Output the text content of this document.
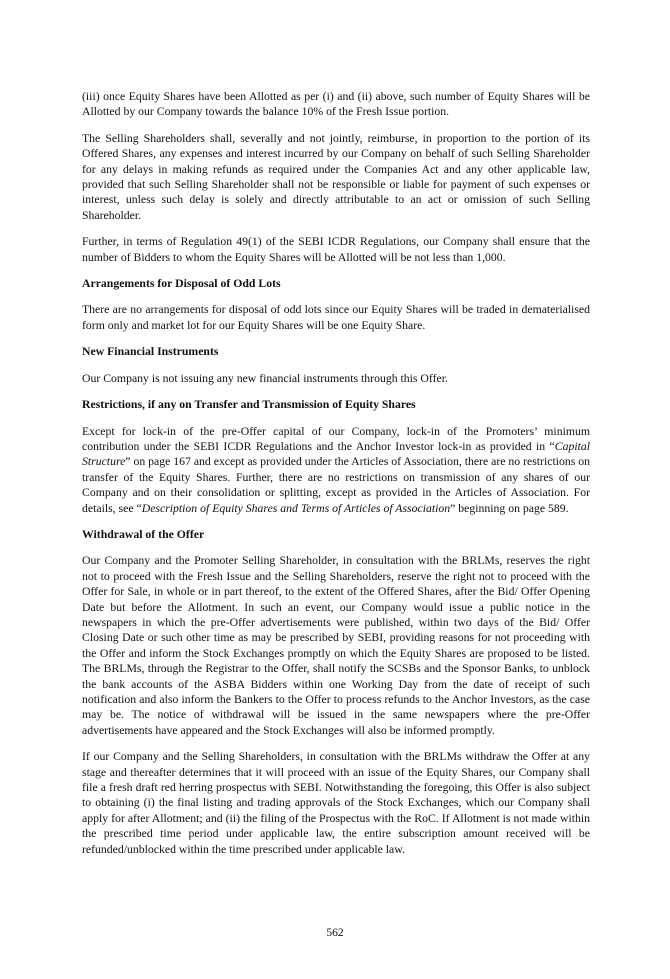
(iii) once Equity Shares have been Allotted as per (i) and (ii) above, such number of Equity Shares will be Allotted by our Company towards the balance 10% of the Fresh Issue portion.

The Selling Shareholders shall, severally and not jointly, reimburse, in proportion to the portion of its Offered Shares, any expenses and interest incurred by our Company on behalf of such Selling Shareholder for any delays in making refunds as required under the Companies Act and any other applicable law, provided that such Selling Shareholder shall not be responsible or liable for payment of such expenses or interest, unless such delay is solely and directly attributable to an act or omission of such Selling Shareholder.

Further, in terms of Regulation 49(1) of the SEBI ICDR Regulations, our Company shall ensure that the number of Bidders to whom the Equity Shares will be Allotted will be not less than 1,000.

Arrangements for Disposal of Odd Lots

There are no arrangements for disposal of odd lots since our Equity Shares will be traded in dematerialised form only and market lot for our Equity Shares will be one Equity Share.

New Financial Instruments

Our Company is not issuing any new financial instruments through this Offer.

Restrictions, if any on Transfer and Transmission of Equity Shares

Except for lock-in of the pre-Offer capital of our Company, lock-in of the Promoters’ minimum contribution under the SEBI ICDR Regulations and the Anchor Investor lock-in as provided in “Capital Structure” on page 167 and except as provided under the Articles of Association, there are no restrictions on transfer of the Equity Shares. Further, there are no restrictions on transmission of any shares of our Company and on their consolidation or splitting, except as provided in the Articles of Association. For details, see “Description of Equity Shares and Terms of Articles of Association” beginning on page 589.

Withdrawal of the Offer

Our Company and the Promoter Selling Shareholder, in consultation with the BRLMs, reserves the right not to proceed with the Fresh Issue and the Selling Shareholders, reserve the right not to proceed with the Offer for Sale, in whole or in part thereof, to the extent of the Offered Shares, after the Bid/ Offer Opening Date but before the Allotment. In such an event, our Company would issue a public notice in the newspapers in which the pre-Offer advertisements were published, within two days of the Bid/ Offer Closing Date or such other time as may be prescribed by SEBI, providing reasons for not proceeding with the Offer and inform the Stock Exchanges promptly on which the Equity Shares are proposed to be listed. The BRLMs, through the Registrar to the Offer, shall notify the SCSBs and the Sponsor Banks, to unblock the bank accounts of the ASBA Bidders within one Working Day from the date of receipt of such notification and also inform the Bankers to the Offer to process refunds to the Anchor Investors, as the case may be. The notice of withdrawal will be issued in the same newspapers where the pre-Offer advertisements have appeared and the Stock Exchanges will also be informed promptly.

If our Company and the Selling Shareholders, in consultation with the BRLMs withdraw the Offer at any stage and thereafter determines that it will proceed with an issue of the Equity Shares, our Company shall file a fresh draft red herring prospectus with SEBI. Notwithstanding the foregoing, this Offer is also subject to obtaining (i) the final listing and trading approvals of the Stock Exchanges, which our Company shall apply for after Allotment; and (ii) the filing of the Prospectus with the RoC. If Allotment is not made within the prescribed time period under applicable law, the entire subscription amount received will be refunded/unblocked within the time prescribed under applicable law.

562
